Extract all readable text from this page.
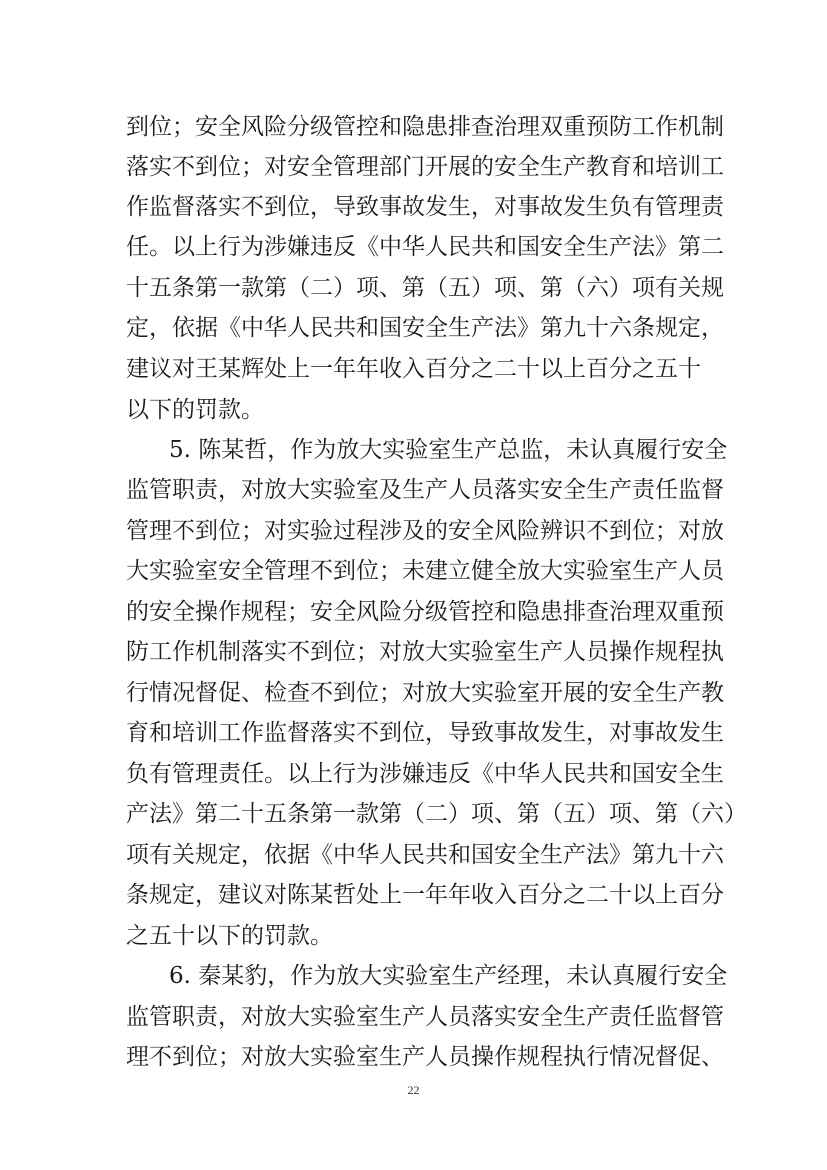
到位；安全风险分级管控和隐患排查治理双重预防工作机制
落实不到位；对安全管理部门开展的安全生产教育和培训工
作监督落实不到位，导致事故发生，对事故发生负有管理责
任。以上行为涉嫌违反《中华人民共和国安全生产法》第二
十五条第一款第（二）项、第（五）项、第（六）项有关规
定，依据《中华人民共和国安全生产法》第九十六条规定，
建议对王某辉处上一年年收入百分之二十以上百分之五十
以下的罚款。
5. 陈某哲，作为放大实验室生产总监，未认真履行安全
监管职责，对放大实验室及生产人员落实安全生产责任监督
管理不到位；对实验过程涉及的安全风险辨识不到位；对放
大实验室安全管理不到位；未建立健全放大实验室生产人员
的安全操作规程；安全风险分级管控和隐患排查治理双重预
防工作机制落实不到位；对放大实验室生产人员操作规程执
行情况督促、检查不到位；对放大实验室开展的安全生产教
育和培训工作监督落实不到位，导致事故发生，对事故发生
负有管理责任。以上行为涉嫌违反《中华人民共和国安全生
产法》第二十五条第一款第（二）项、第（五）项、第（六）
项有关规定，依据《中华人民共和国安全生产法》第九十六
条规定，建议对陈某哲处上一年年收入百分之二十以上百分
之五十以下的罚款。
6. 秦某豹，作为放大实验室生产经理，未认真履行安全
监管职责，对放大实验室生产人员落实安全生产责任监督管
理不到位；对放大实验室生产人员操作规程执行情况督促、
22
